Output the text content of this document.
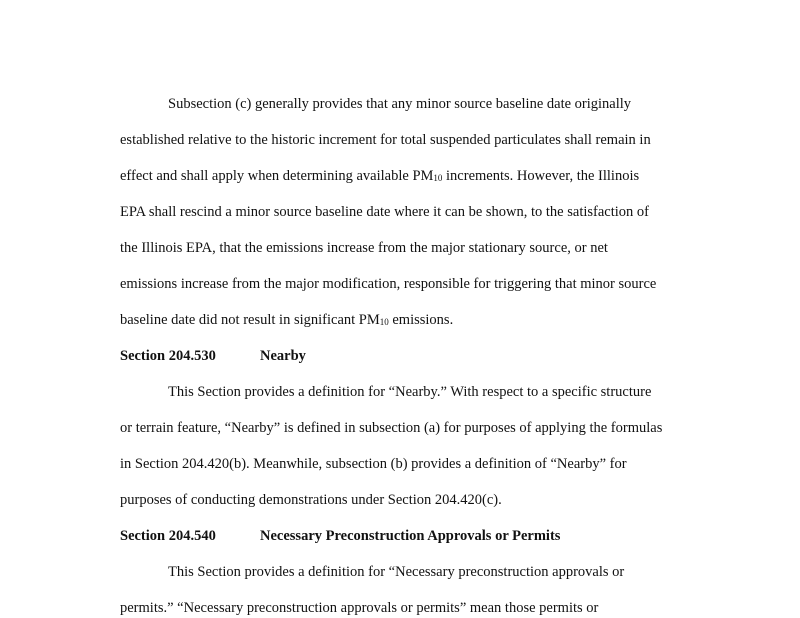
Subsection (c) generally provides that any minor source baseline date originally
established relative to the historic increment for total suspended particulates shall remain in
effect and shall apply when determining available $PM_{10}$ increments. However, the Illinois
EPA shall rescind a minor source baseline date where it can be shown, to the satisfaction of
the Illinois EPA, that the emissions increase from the major stationary source, or net
emissions increase from the major modification, responsible for triggering that minor source
baseline date did not result in significant $PM_{10}$ emissions.
Section 204.530	Nearby
This Section provides a definition for “Nearby.” With respect to a specific structure
or terrain feature, “Nearby” is defined in subsection (a) for purposes of applying the formulas
in Section 204.420(b). Meanwhile, subsection (b) provides a definition of “Nearby” for
purposes of conducting demonstrations under Section 204.420(c).
Section 204.540	Necessary Preconstruction Approvals or Permits
This Section provides a definition for “Necessary preconstruction approvals or
permits.” “Necessary preconstruction approvals or permits” mean those permits or
